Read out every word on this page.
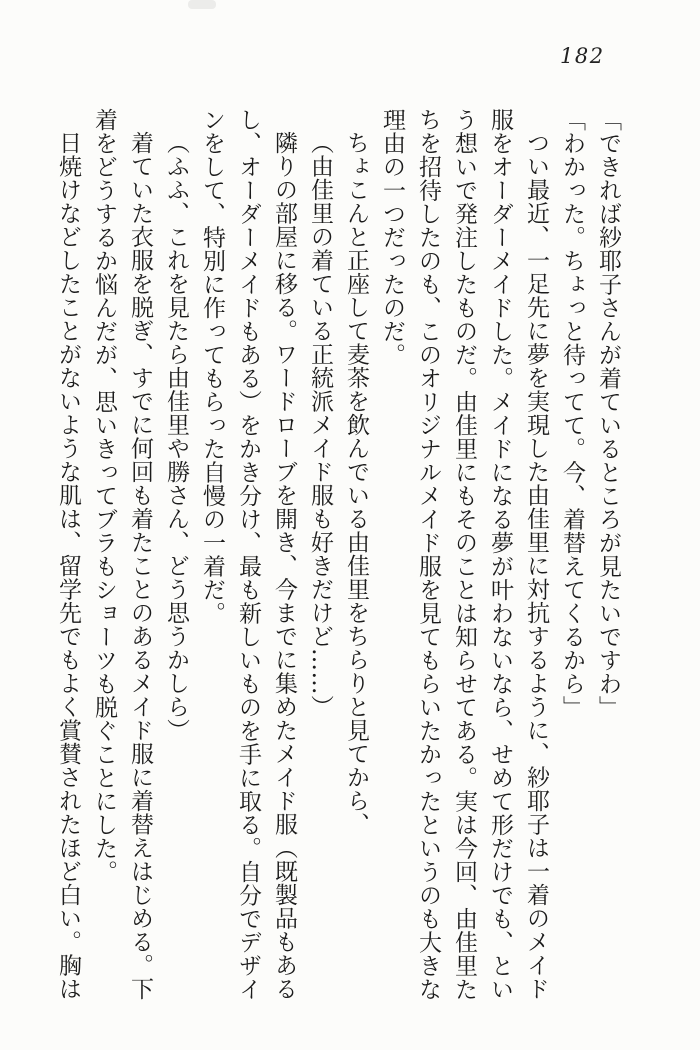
182

「できれば紗耶子さんが着ているところが見たいですわ」

「わかった。ちょっと待ってて。今、着替えてくるから」

つい最近、一足先に夢を実現した由佳里に対抗するように、紗耶子は一着のメイド服をオーダーメイドした。メイドになる夢が叶わないなら、せめて形だけでも、という想いで発注したものだ。由佳里にもそのことは知らせてある。実は今回、由佳里たちを招待したのも、このオリジナルメイド服を見てもらいたかったというのも大きな理由の一つだったのだ。

ちょこんと正座して麦茶を飲んでいる由佳里をちらりと見てから、

（由佳里の着ている正統派メイド服も好きだけど……）

隣りの部屋に移る。ワードローブを開き、今までに集めたメイド服（既製品もあるし、オーダーメイドもある）をかき分け、最も新しいものを手に取る。自分でデザインをして、特別に作ってもらった自慢の一着だ。

（ふふ、これを見たら由佳里や勝さん、どう思うかしら）

着ていた衣服を脱ぎ、すでに何回も着たことのあるメイド服に着替えはじめる。下着をどうするか悩んだが、思いきってブラもショーツも脱ぐことにした。

日焼けなどしたことがないような肌は、留学先でもよく賞賛されたほど白い。胸は
